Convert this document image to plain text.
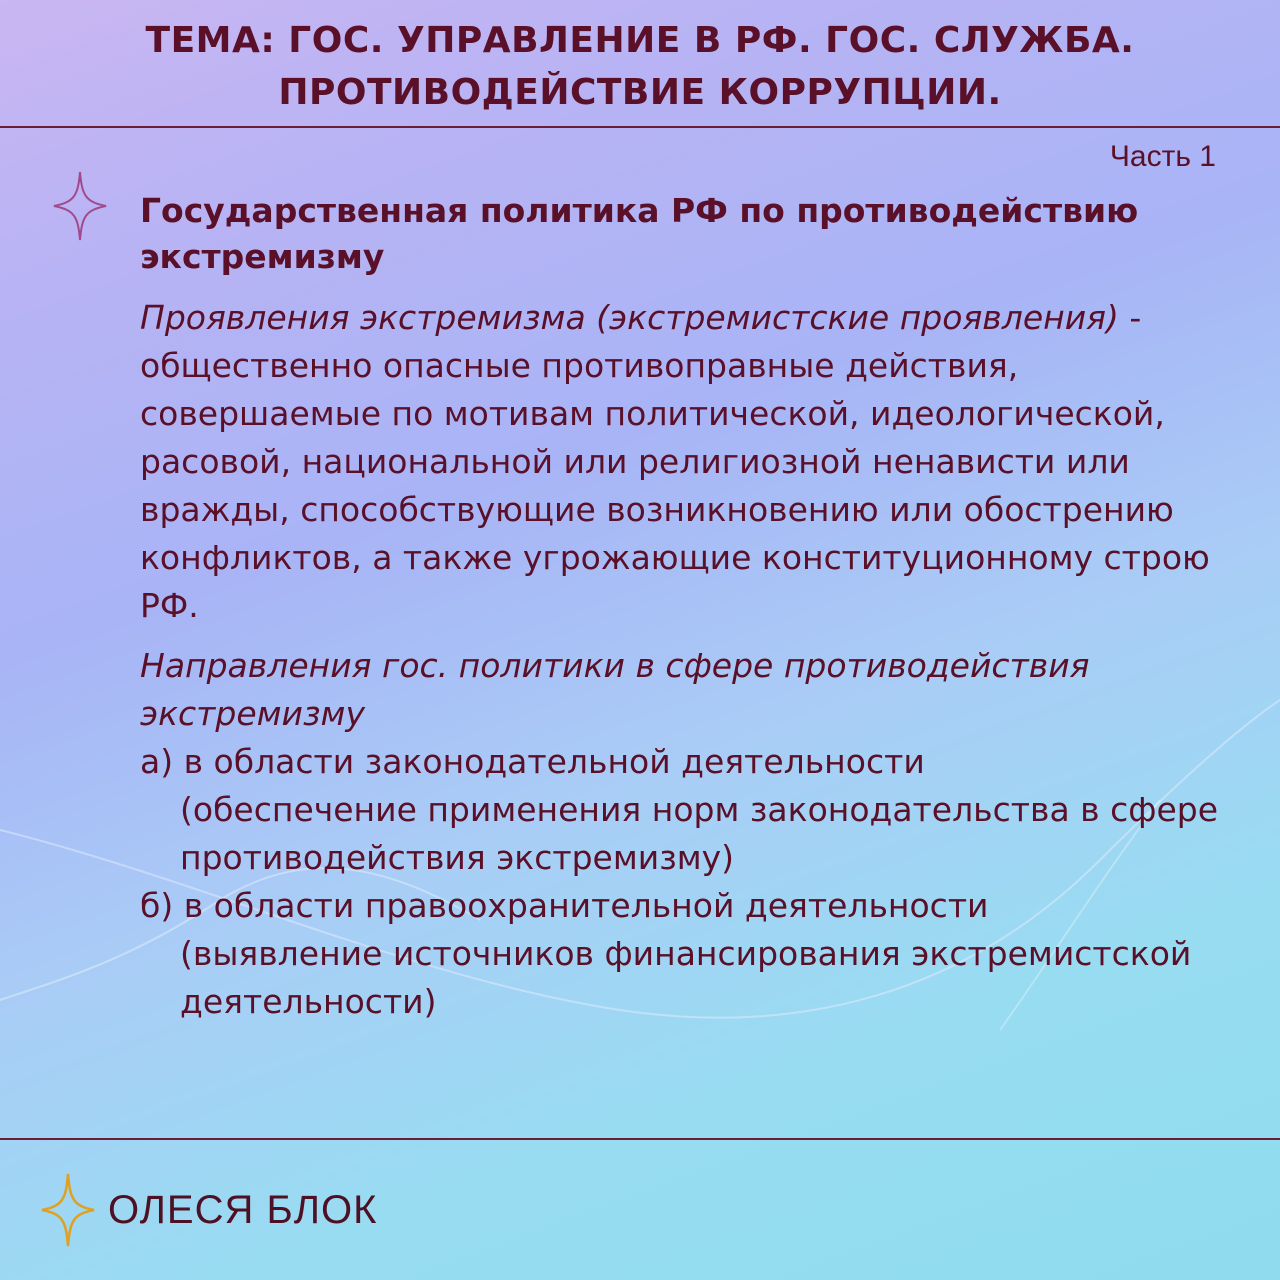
ТЕМА: ГОС. УПРАВЛЕНИЕ В РФ. ГОС. СЛУЖБА.
ПРОТИВОДЕЙСТВИЕ КОРРУПЦИИ.
Часть 1
Государственная политика РФ по противодействию экстремизму
Проявления экстремизма (экстремистские проявления) - общественно опасные противоправные действия, совершаемые по мотивам политической, идеологической, расовой, национальной или религиозной ненависти или вражды, способствующие возникновению или обострению конфликтов, а также угрожающие конституционному строю РФ.
Направления гос. политики в сфере противодействия экстремизму
а) в области законодательной деятельности
(обеспечение применения норм законодательства в сфере противодействия экстремизму)
б) в области правоохранительной деятельности
(выявление источников финансирования экстремистской деятельности)
ОЛЕСЯ БЛОК
